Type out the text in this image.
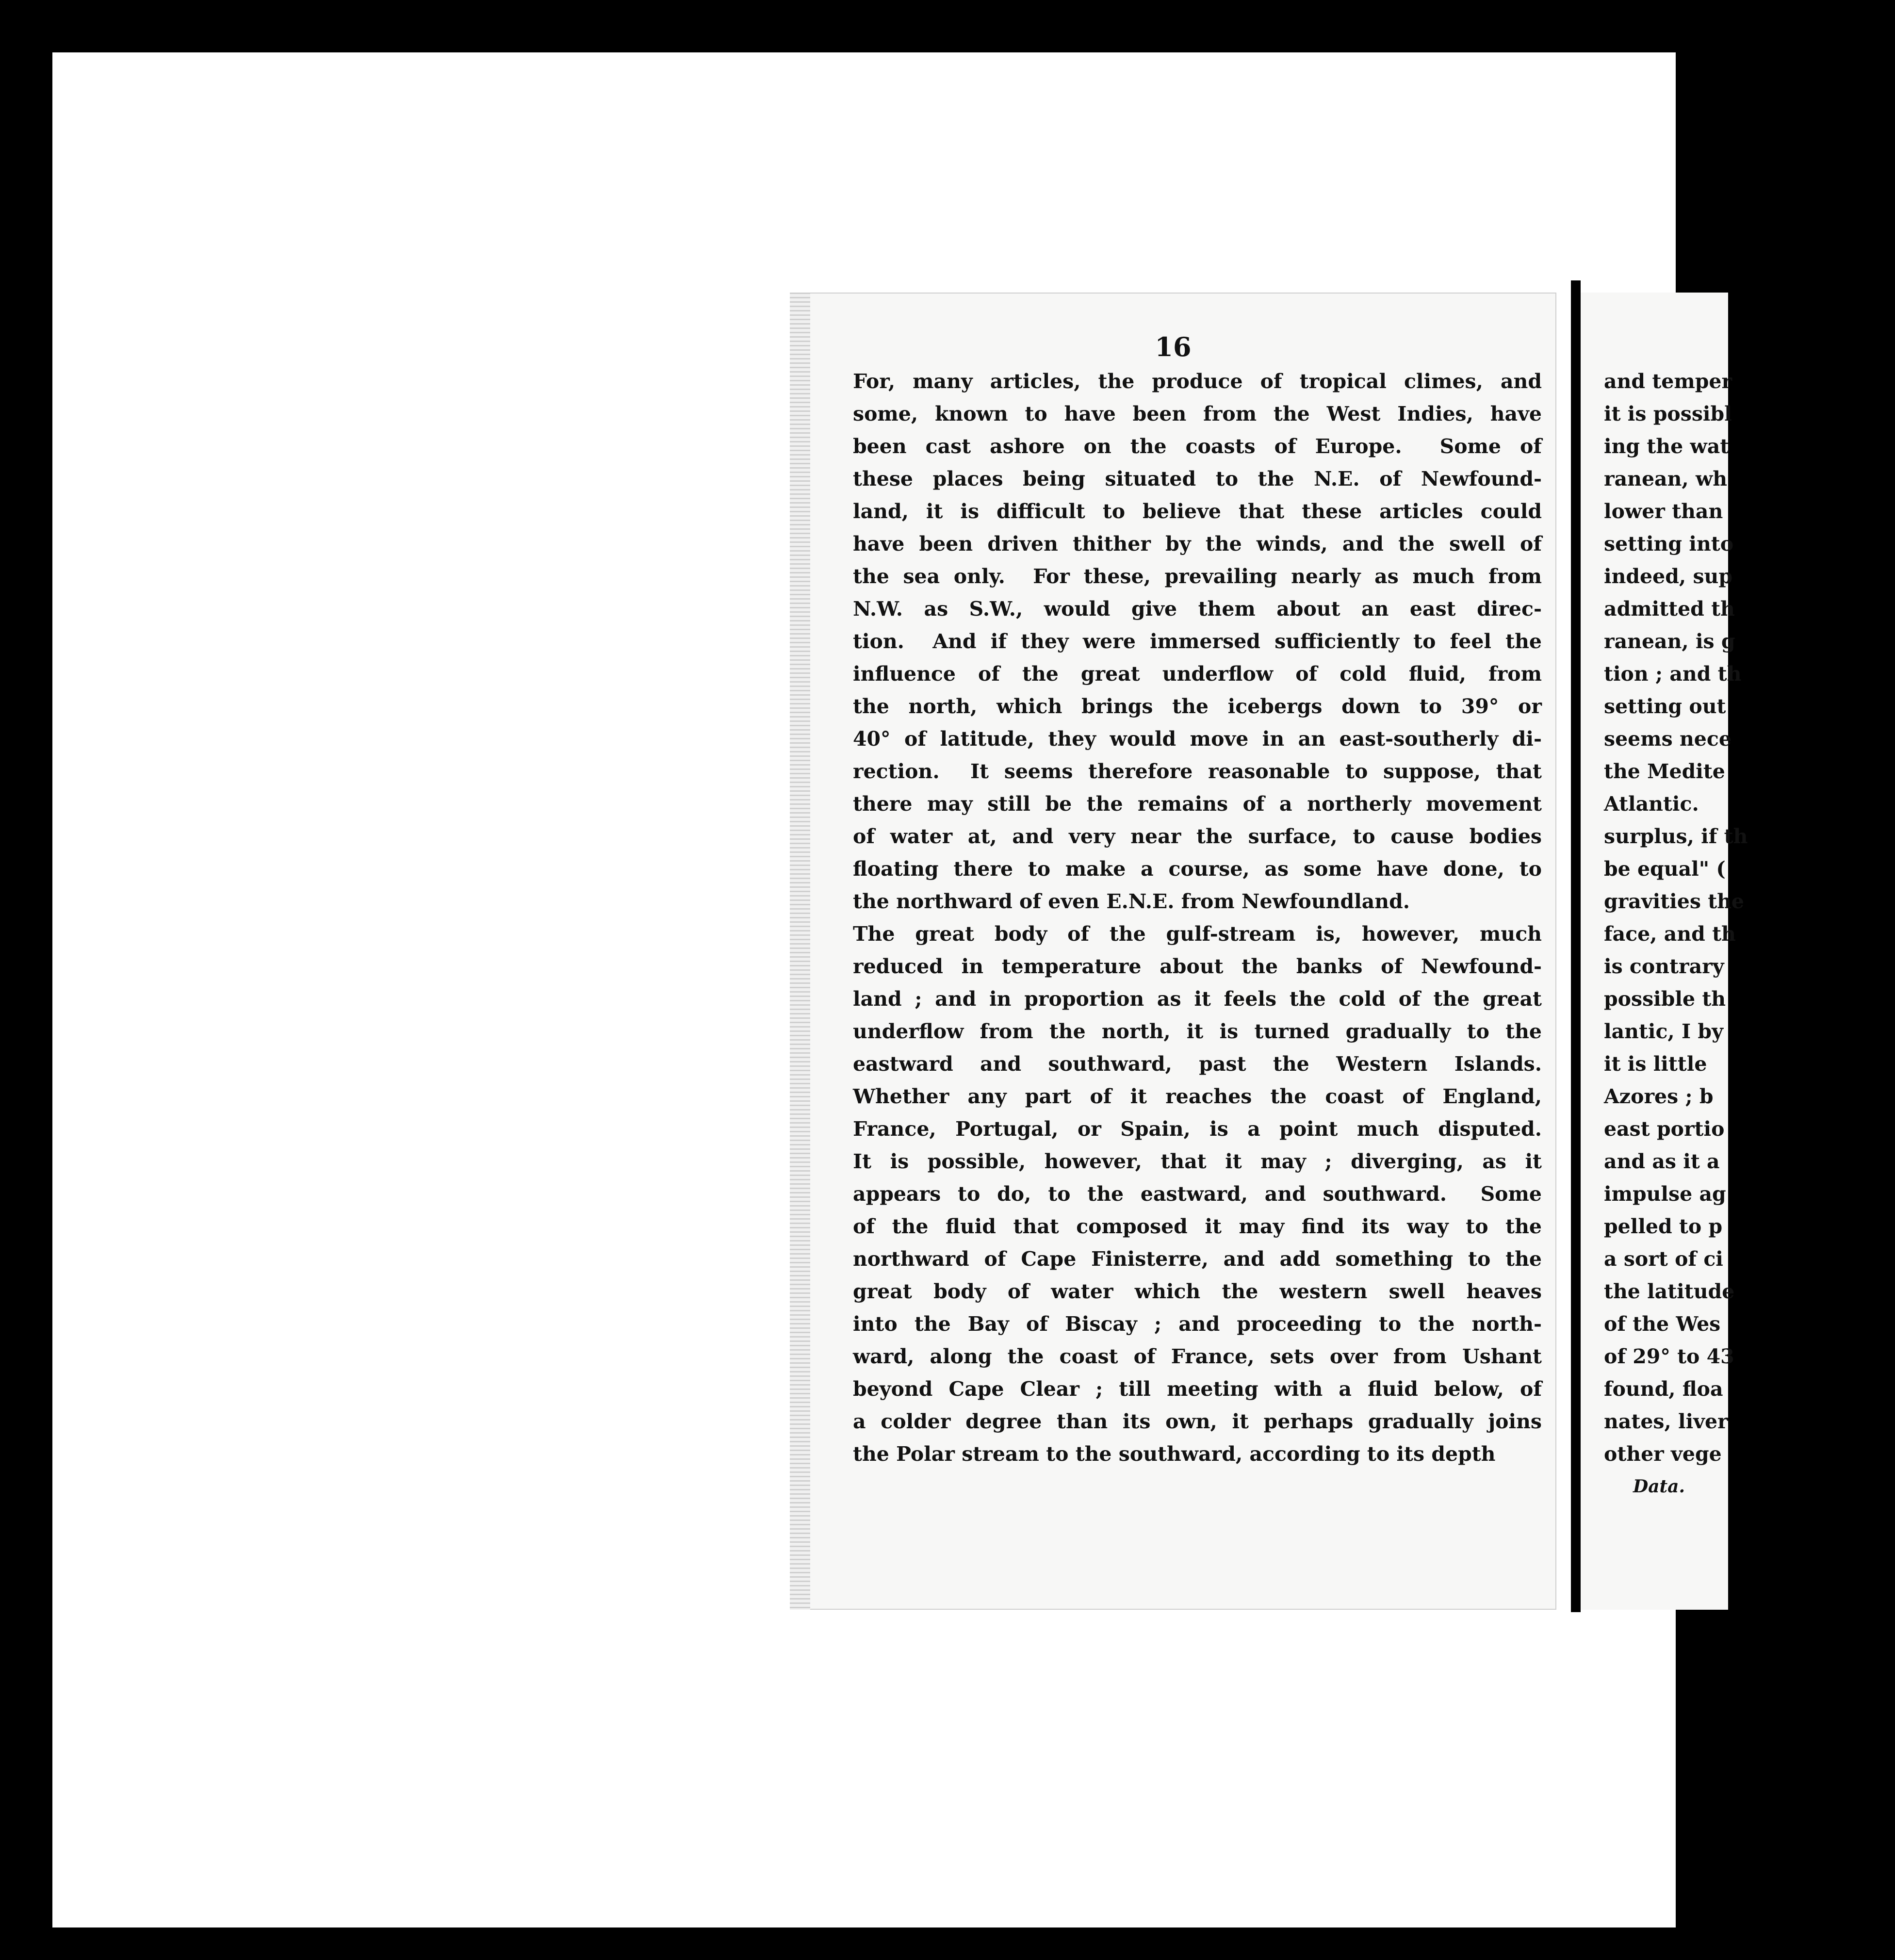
16
For, many articles, the produce of tropical climes, and
some, known to have been from the West Indies, have
been cast ashore on the coasts of Europe.  Some of
these places being situated to the N.E. of Newfound-
land, it is difficult to believe that these articles could
have been driven thither by the winds, and the swell of
the sea only.  For these, prevailing nearly as much from
N.W. as S.W., would give them about an east direc-
tion.  And if they were immersed sufficiently to feel the
influence of the great underflow of cold fluid, from
the north, which brings the icebergs down to 39° or
40° of latitude, they would move in an east-southerly di-
rection.  It seems therefore reasonable to suppose, that
there may still be the remains of a northerly movement
of water at, and very near the surface, to cause bodies
floating there to make a course, as some have done, to
the northward of even E.N.E. from Newfoundland.
The great body of the gulf-stream is, however, much
reduced in temperature about the banks of Newfound-
land ; and in proportion as it feels the cold of the great
underflow from the north, it is turned gradually to the
eastward and southward, past the Western Islands.
Whether any part of it reaches the coast of England,
France, Portugal, or Spain, is a point much disputed.
It is possible, however, that it may ; diverging, as it
appears to do, to the eastward, and southward.  Some
of the fluid that composed it may find its way to the
northward of Cape Finisterre, and add something to the
great body of water which the western swell heaves
into the Bay of Biscay ; and proceeding to the north-
ward, along the coast of France, sets over from Ushant
beyond Cape Clear ; till meeting with a fluid below, of
a colder degree than its own, it perhaps gradually joins
the Polar stream to the southward, according to its depth
and temper
it is possibl
ing the wat
ranean, wh
lower than
setting into
indeed, sup
admitted th
ranean, is g
tion ; and th
setting out
seems nece
the Medite
Atlantic.
surplus, if th
be equal" (
gravities the
face, and th
is contrary
possible th
lantic, I by
it is little
Azores ; b
east portio
and as it a
impulse ag
pelled to p
a sort of ci
the latitude
of the Wes
of 29° to 43
found, floa
nates, liver
other vege
Data.
